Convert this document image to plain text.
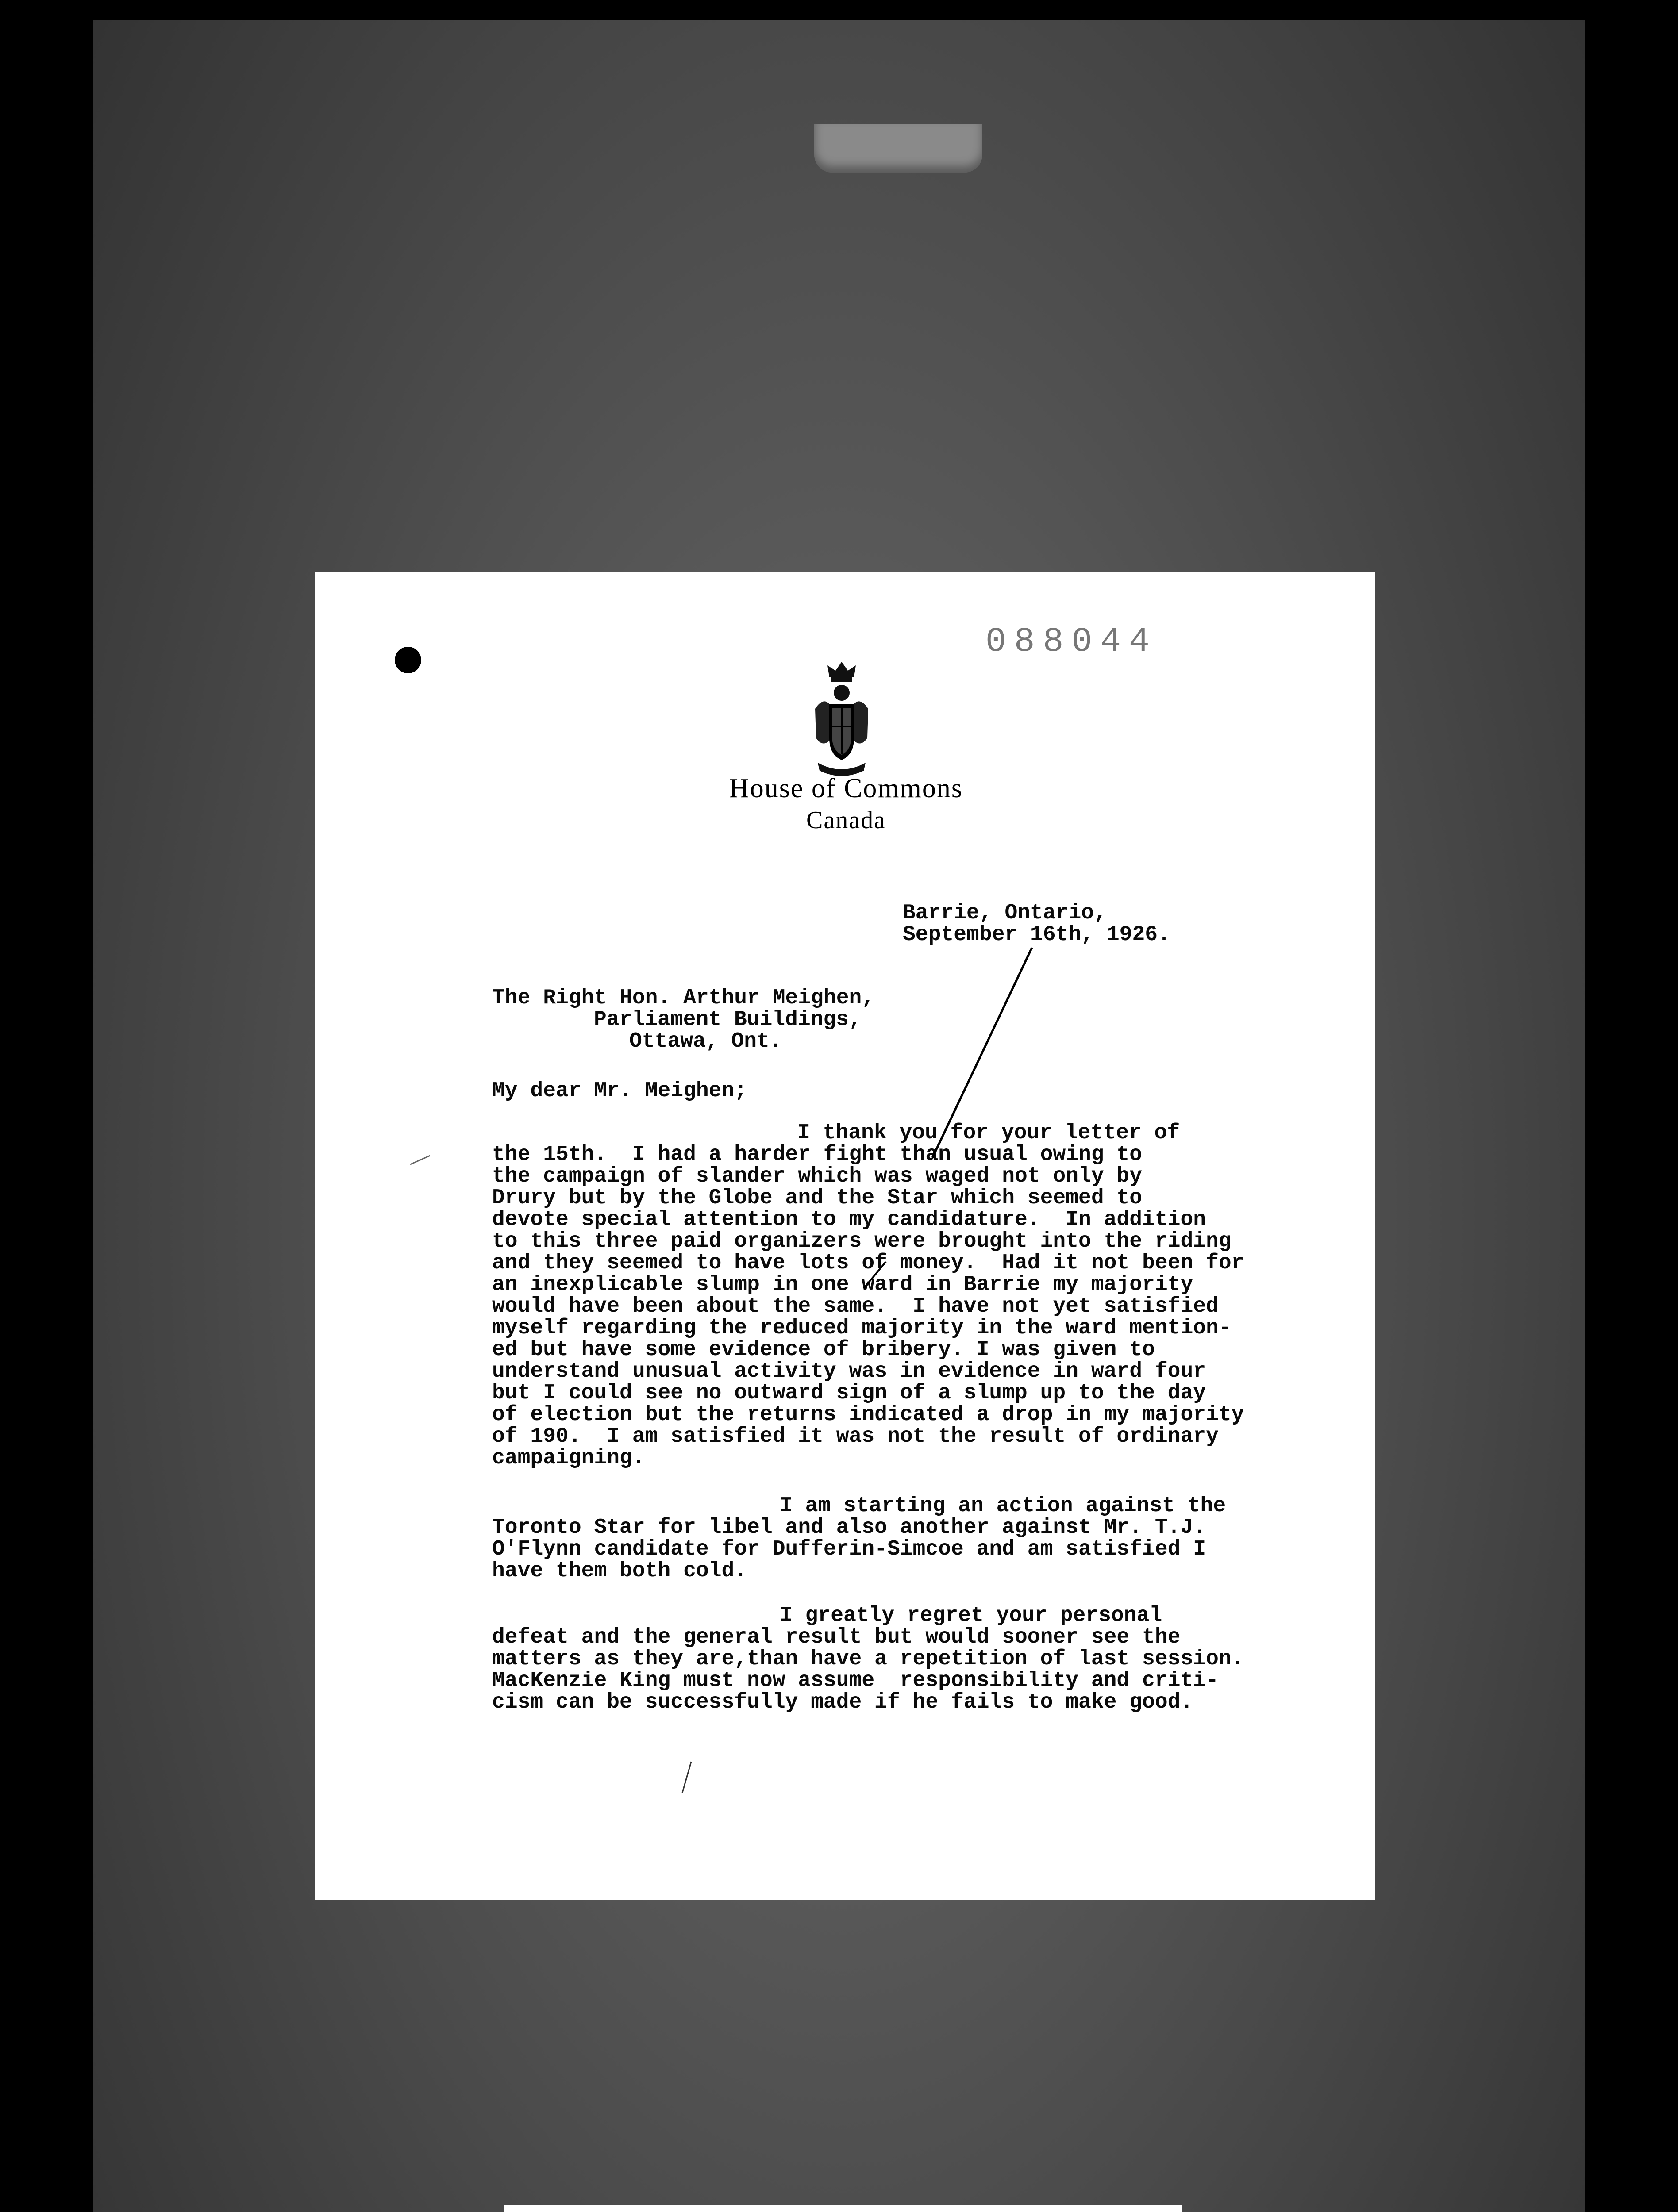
088044
House of Commons
Canada

Barrie, Ontario,

September 16th, 1926.

The Right Hon. Arthur Meighen,

Parliament Buildings,

Ottawa, Ont.

My dear Mr. Meighen;

I thank you for your letter of

the 15th.  I had a harder fight than usual owing to

the campaign of slander which was waged not only by

Drury but by the Globe and the Star which seemed to

devote special attention to my candidature.  In addition

to this three paid organizers were brought into the riding

and they seemed to have lots of money.  Had it not been for

an inexplicable slump in one ward in Barrie my majority

would have been about the same.  I have not yet satisfied

myself regarding the reduced majority in the ward mention-

ed but have some evidence of bribery. I was given to

understand unusual activity was in evidence in ward four

but I could see no outward sign of a slump up to the day

of election but the returns indicated a drop in my majority

of 190.  I am satisfied it was not the result of ordinary

campaigning.

I am starting an action against the

Toronto Star for libel and also another against Mr. T.J.

O'Flynn candidate for Dufferin-Simcoe and am satisfied I

have them both cold.

I greatly regret your personal

defeat and the general result but would sooner see the

matters as they are,than have a repetition of last session.

MacKenzie King must now assume  responsibility and criti-

cism can be successfully made if he fails to make good.
